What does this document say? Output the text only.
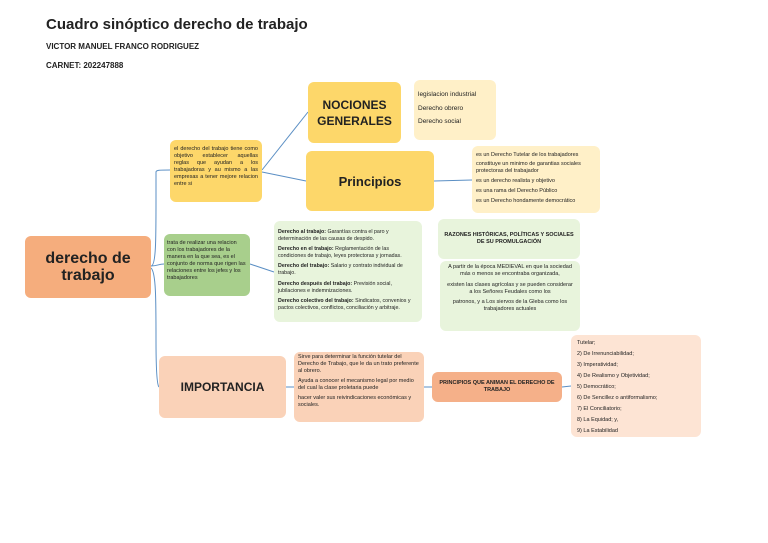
Cuadro sinóptico derecho de trabajo
VICTOR MANUEL FRANCO RODRIGUEZ
CARNET: 202247888
derecho de
trabajo
el derecho del trabajo tiene como objetivo establecer aquellas reglas que ayudan a los trabajadoras y au mismo a las empresas a tener mejore relacion entre si
NOCIONES
GENERALES
legislacion industrial
Derecho obrero
Derecho social
Principios
es un Derecho Tutelar de los trabajadores
constituye un minimo de garantias sociales protectoras del trabajador
es un derecho realista y objetivo
es una rama del Derecho Público
es un Derecho hondamente democrático
trata de realizar una relacion con los trabajadores de la manera en la que sea, es el conjunto de norma que rigen las relaciones entre los jefes y los trabajadores

Derecho al trabajo: Garantías contra el paro y determinación de las causas de despido.

Derecho en el trabajo: Reglamentación de las condiciones de trabajo, leyes protectoras y jornadas.

Derecho del trabajo: Salario y contrato individual de trabajo.

Derecho después del trabajo: Previsión social, jubilaciones e indemnizaciones.

Derecho colectivo del trabajo: Sindicatos, convenios y pactos colectivos, conflictos, conciliación y arbitraje.

RAZONES HISTÓRICAS, POLÍTICAS Y SOCIALES DE SU PROMULGACIÓN

A partir de la época MEDIEVAL en que la sociedad más o menos se encontraba organizada,

existen las clases agrícolas y se pueden considerar a los Señores Feudales como los

patronos, y a Los siervos de la Gleba como los trabajadores actuales

IMPORTANCIA

Sirve para determinar la función tutelar del Derecho de Trabajo, que le da un trato preferente al obrero.

Ayuda a conocer el mecanismo legal por medio del cual la clase proletaria puede

hacer valer sus reivindicaciones económicas y sociales.

PRINCIPIOS QUE ANIMAN EL DERECHO DE TRABAJO
Tutelar;
2) De Irrenunciabilidad;
3) Imperatividad;
4) De Realismo y Objetividad;
5) Democrático;
6) De Sencillez o antiformalismo;
7) El Conciliatorio;
8) La Equidad; y,
9) La Estabilidad
